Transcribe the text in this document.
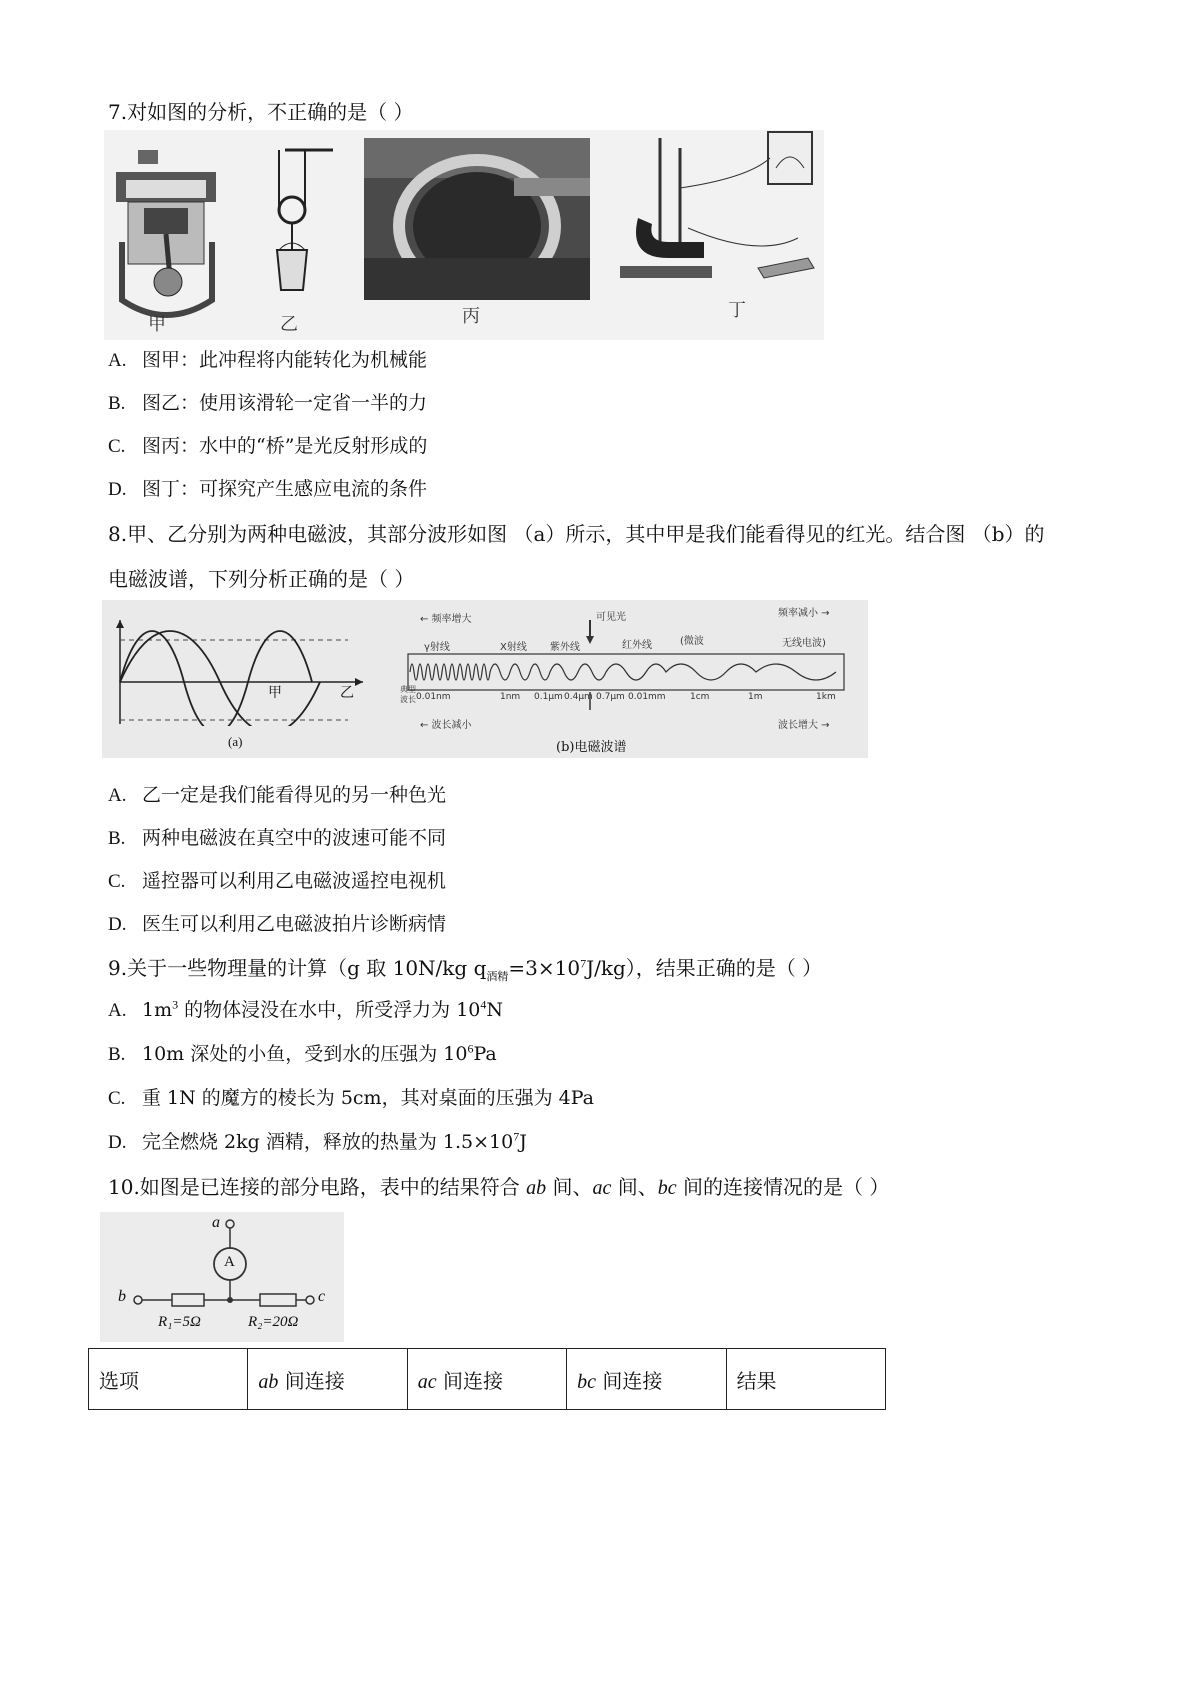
7.对如图的分析，不正确的是（ ）
甲	乙	丙	丁
A. 图甲：此冲程将内能转化为机械能
B. 图乙：使用该滑轮一定省一半的力
C. 图丙：水中的“桥”是光反射形成的
D. 图丁：可探究产生感应电流的条件
8.甲、乙分别为两种电磁波，其部分波形如图 （a）所示，其中甲是我们能看得见的红光。结合图 （b）的
电磁波谱，下列分析正确的是（ ）
甲	乙
(a)
← 频率增大
频率减小 →
可见光
γ射线	X射线 紫外线	红外线	(微波	无线电波)
典型
波长 0.01nm	1nm 0.1μm 0.4μm 0.7μm 0.01mm	1cm	1m	1km
← 波长减小	波长增大 →
(b)电磁波谱
A. 乙一定是我们能看得见的另一种色光
B. 两种电磁波在真空中的波速可能不同
C. 遥控器可以利用乙电磁波遥控电视机
D. 医生可以利用乙电磁波拍片诊断病情
9.关于一些物理量的计算（g 取 10N/kg $q_{酒精}=3\times 10^7J/kg$），结果正确的是（ ）
A. $1m^3$ 的物体浸没在水中，所受浮力为 $10^4N$
B. 10m 深处的小鱼，受到水的压强为 $10^6Pa$
C. 重 1N 的魔方的棱长为 5cm，其对桌面的压强为 4Pa
D. 完全燃烧 2kg 酒精，释放的热量为 $1.5\times 10^7J$
10.如图是已连接的部分电路，表中的结果符合 ab 间、ac 间、bc 间的连接情况的是（ ）
a
A
b	c
R₁=5Ω	R₂=20Ω
选项	ab 间连接	ac 间连接	bc 间连接	结果
